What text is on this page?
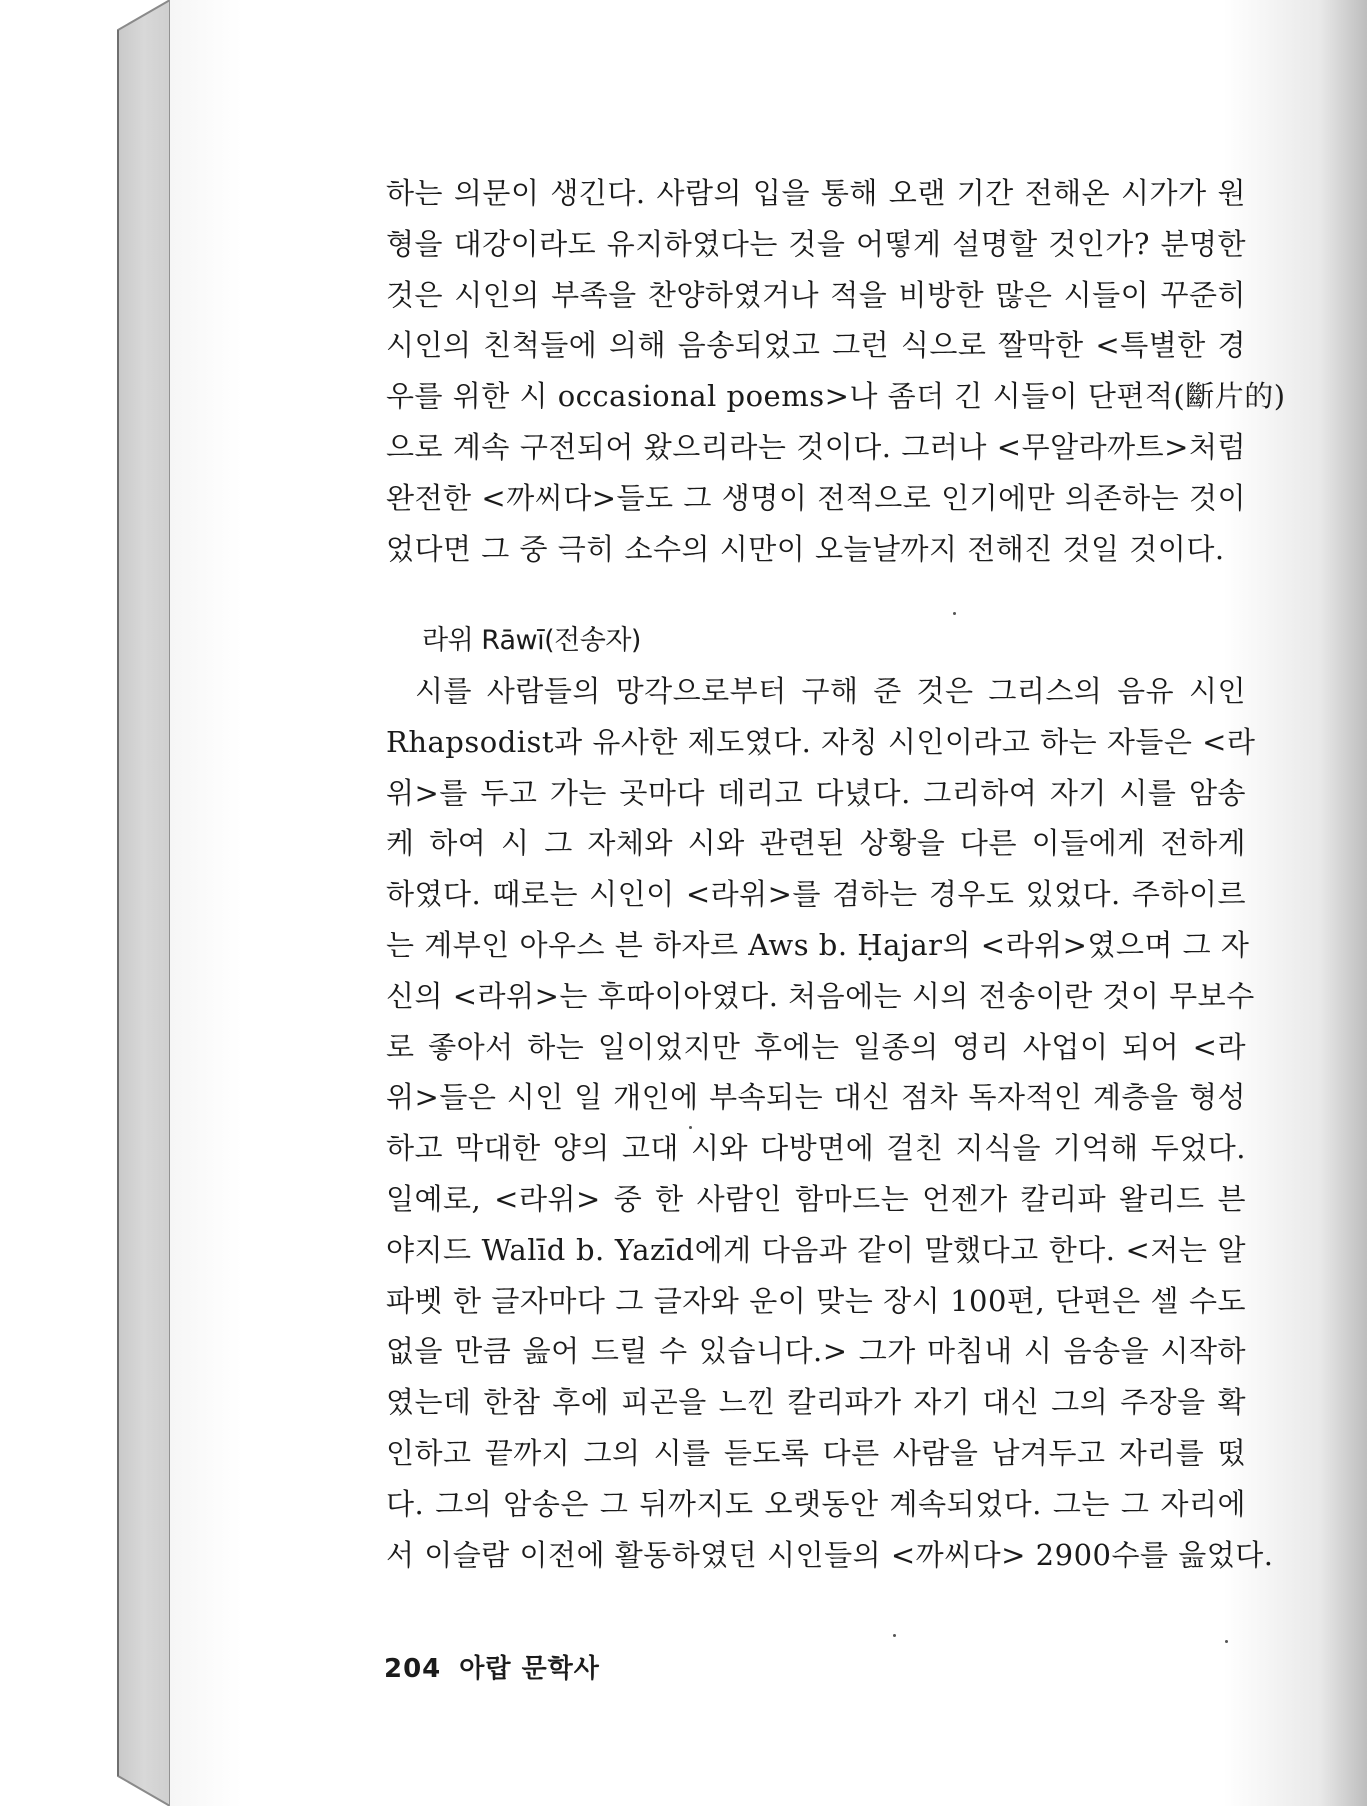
하는 의문이 생긴다. 사람의 입을 통해 오랜 기간 전해온 시가가 원
형을 대강이라도 유지하였다는 것을 어떻게 설명할 것인가? 분명한
것은 시인의 부족을 찬양하였거나 적을 비방한 많은 시들이 꾸준히
시인의 친척들에 의해 음송되었고 그런 식으로 짤막한 <특별한 경
우를 위한 시 occasional poems>나 좀더 긴 시들이 단편적(斷片的)
으로 계속 구전되어 왔으리라는 것이다. 그러나 <무알라까트>처럼
완전한 <까씨다>들도 그 생명이 전적으로 인기에만 의존하는 것이
었다면 그 중 극히 소수의 시만이 오늘날까지 전해진 것일 것이다.

라위 Rāwī(전송자)

시를 사람들의 망각으로부터 구해 준 것은 그리스의 음유 시인
Rhapsodist과 유사한 제도였다. 자칭 시인이라고 하는 자들은 <라
위>를 두고 가는 곳마다 데리고 다녔다. 그리하여 자기 시를 암송
케 하여 시 그 자체와 시와 관련된 상황을 다른 이들에게 전하게
하였다. 때로는 시인이 <라위>를 겸하는 경우도 있었다. 주하이르
는 계부인 아우스 븐 하자르 Aws b. Ḥajar의 <라위>였으며 그 자
신의 <라위>는 후따이아였다. 처음에는 시의 전송이란 것이 무보수
로 좋아서 하는 일이었지만 후에는 일종의 영리 사업이 되어 <라
위>들은 시인 일 개인에 부속되는 대신 점차 독자적인 계층을 형성
하고 막대한 양의 고대 시와 다방면에 걸친 지식을 기억해 두었다.
일예로, <라위> 중 한 사람인 함마드는 언젠가 칼리파 왈리드 븐
야지드 Walīd b. Yazīd에게 다음과 같이 말했다고 한다. <저는 알
파벳 한 글자마다 그 글자와 운이 맞는 장시 100편, 단편은 셀 수도
없을 만큼 읊어 드릴 수 있습니다.> 그가 마침내 시 음송을 시작하
였는데 한참 후에 피곤을 느낀 칼리파가 자기 대신 그의 주장을 확
인하고 끝까지 그의 시를 듣도록 다른 사람을 남겨두고 자리를 떴
다. 그의 암송은 그 뒤까지도 오랫동안 계속되었다. 그는 그 자리에
서 이슬람 이전에 활동하였던 시인들의 <까씨다> 2900수를 읊었다.

204 아랍 문학사
